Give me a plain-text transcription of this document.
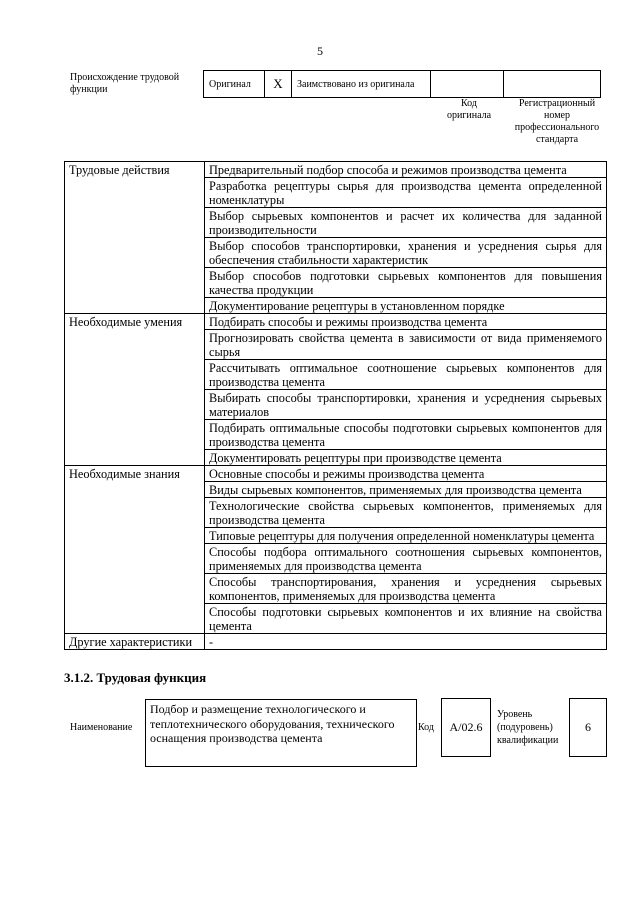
5
Происхождение трудовой функции	Оригинал	X	Заимствовано из оригинала		
Код оригинала
Регистрационный номер профессионального стандарта
Трудовые действия	Предварительный подбор способа и режимов производства цемента
	Разработка рецептуры сырья для производства цемента определенной номенклатуры
	Выбор сырьевых компонентов и расчет их количества для заданной производительности
	Выбор способов транспортировки, хранения и усреднения сырья для обеспечения стабильности характеристик
	Выбор способов подготовки сырьевых компонентов для повышения качества продукции
	Документирование рецептуры в установленном порядке
Необходимые умения	Подбирать способы и режимы производства цемента
	Прогнозировать свойства цемента в зависимости от вида применяемого сырья
	Рассчитывать оптимальное соотношение сырьевых компонентов для производства цемента
	Выбирать способы транспортировки, хранения и усреднения сырьевых материалов
	Подбирать оптимальные способы подготовки сырьевых компонентов для производства цемента
	Документировать рецептуры при производстве цемента
Необходимые знания	Основные способы и режимы производства цемента
	Виды сырьевых компонентов, применяемых для производства цемента
	Технологические свойства сырьевых компонентов, применяемых для производства цемента
	Типовые рецептуры для получения определенной номенклатуры цемента
	Способы подбора оптимального соотношения сырьевых компонентов, применяемых для производства цемента
	Способы транспортирования, хранения и усреднения сырьевых компонентов, применяемых для производства цемента
	Способы подготовки сырьевых компонентов и их влияние на свойства цемента
Другие характеристики	-
3.1.2. Трудовая функция
Наименование
Подбор и размещение технологического и теплотехнического оборудования, технического оснащения производства цемента
Код	А/02.6
Уровень (подуровень) квалификации
6
